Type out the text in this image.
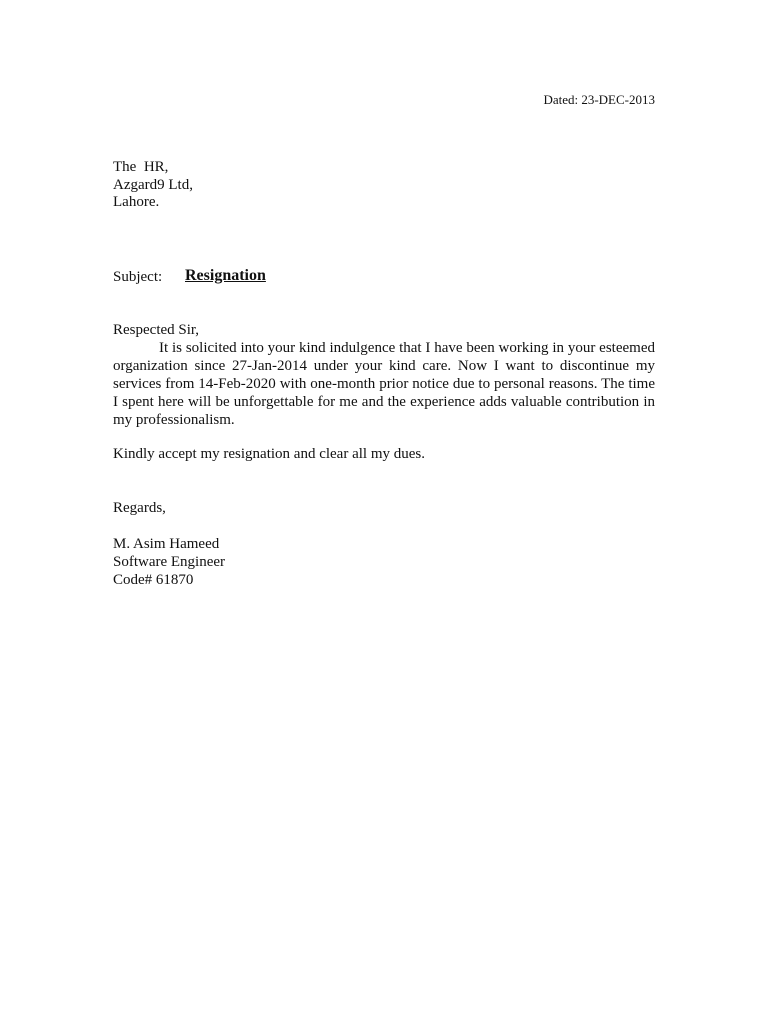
Dated: 23-DEC-2013
The  HR,
Azgard9 Ltd,
Lahore.
Subject: Resignation
Respected Sir,

It is solicited into your kind indulgence that I have been working in your esteemed organization since 27-Jan-2014 under your kind care. Now I want to discontinue my services from 14-Feb-2020 with one-month prior notice due to personal reasons. The time I spent here will be unforgettable for me and the experience adds valuable contribution in my professionalism.

Kindly accept my resignation and clear all my dues.
Regards,
M. Asim Hameed
Software Engineer
Code# 61870
